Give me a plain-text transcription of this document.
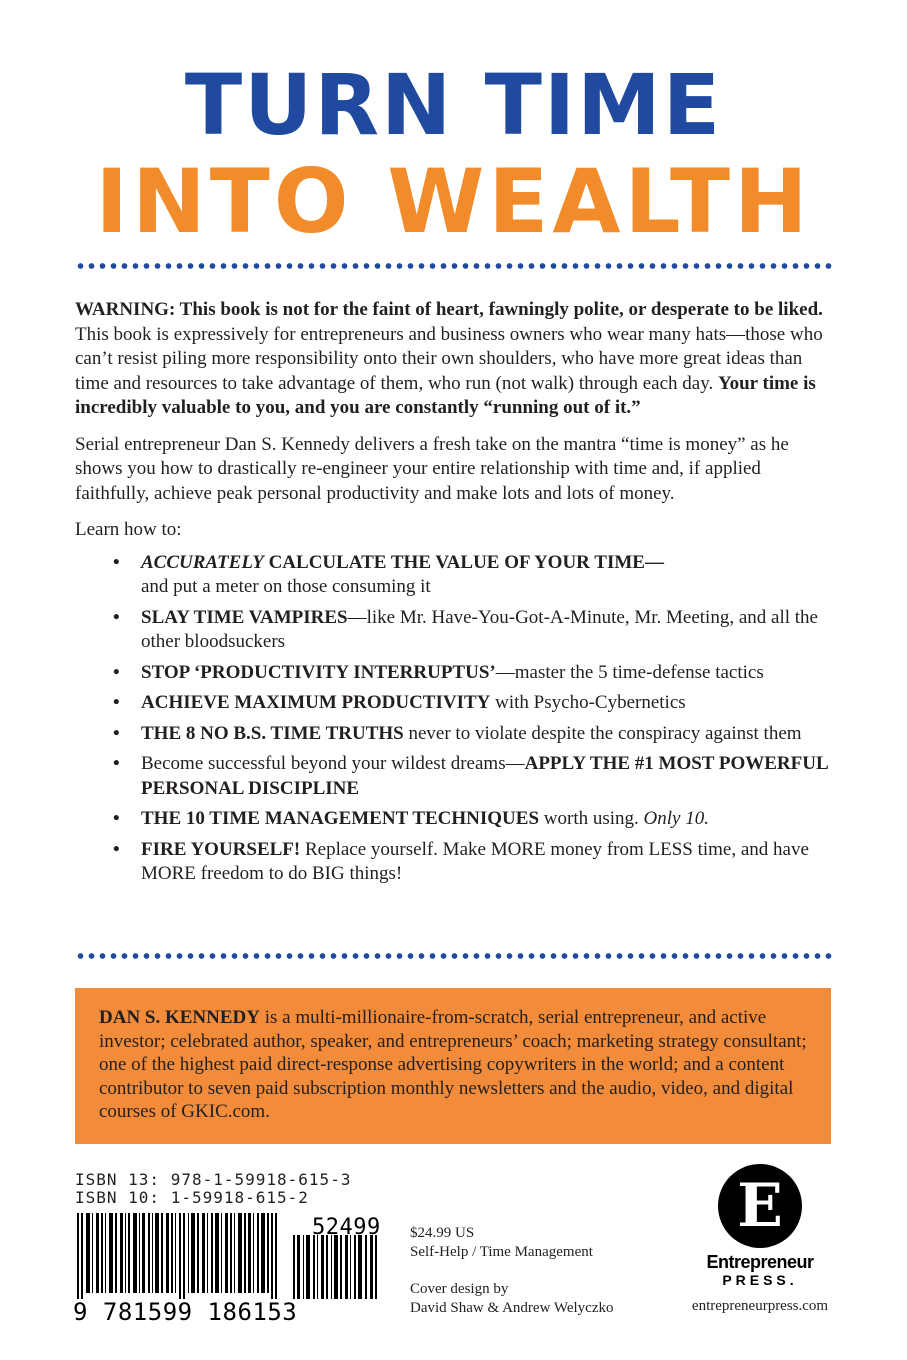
TURN TIME
INTO WEALTH

WARNING: This book is not for the faint of heart, fawningly polite, or desperate to be liked. This book is expressively for entrepreneurs and business owners who wear many hats—those who can’t resist piling more responsibility onto their own shoulders, who have more great ideas than time and resources to take advantage of them, who run (not walk) through each day. Your time is incredibly valuable to you, and you are constantly “running out of it.”

Serial entrepreneur Dan S. Kennedy delivers a fresh take on the mantra “time is money” as he shows you how to drastically re-engineer your entire relationship with time and, if applied faithfully, achieve peak personal productivity and make lots and lots of money.

Learn how to:

• ACCURATELY CALCULATE THE VALUE OF YOUR TIME—
and put a meter on those consuming it
• SLAY TIME VAMPIRES—like Mr. Have-You-Got-A-Minute, Mr. Meeting, and all the other bloodsuckers
• STOP ‘PRODUCTIVITY INTERRUPTUS’—master the 5 time-defense tactics
• ACHIEVE MAXIMUM PRODUCTIVITY with Psycho-Cybernetics
• THE 8 NO B.S. TIME TRUTHS never to violate despite the conspiracy against them
• Become successful beyond your wildest dreams—APPLY THE #1 MOST POWERFUL PERSONAL DISCIPLINE
• THE 10 TIME MANAGEMENT TECHNIQUES worth using. Only 10.
• FIRE YOURSELF! Replace yourself. Make MORE money from LESS time, and have MORE freedom to do BIG things!
DAN S. KENNEDY is a multi-millionaire-from-scratch, serial entrepreneur, and active investor; celebrated author, speaker, and entrepreneurs’ coach; marketing strategy consultant; one of the highest paid direct-response advertising copywriters in the world; and a content contributor to seven paid subscription monthly newsletters and the audio, video, and digital courses of GKIC.com.
ISBN 13: 978-1-59918-615-3
ISBN 10: 1-59918-615-2
9 781599 186153
52499 $24.99 US
Self-Help / Time Management
Cover design by
David Shaw & Andrew Welyczko
E
Entrepreneur
PRESS.
entrepreneurpress.com
